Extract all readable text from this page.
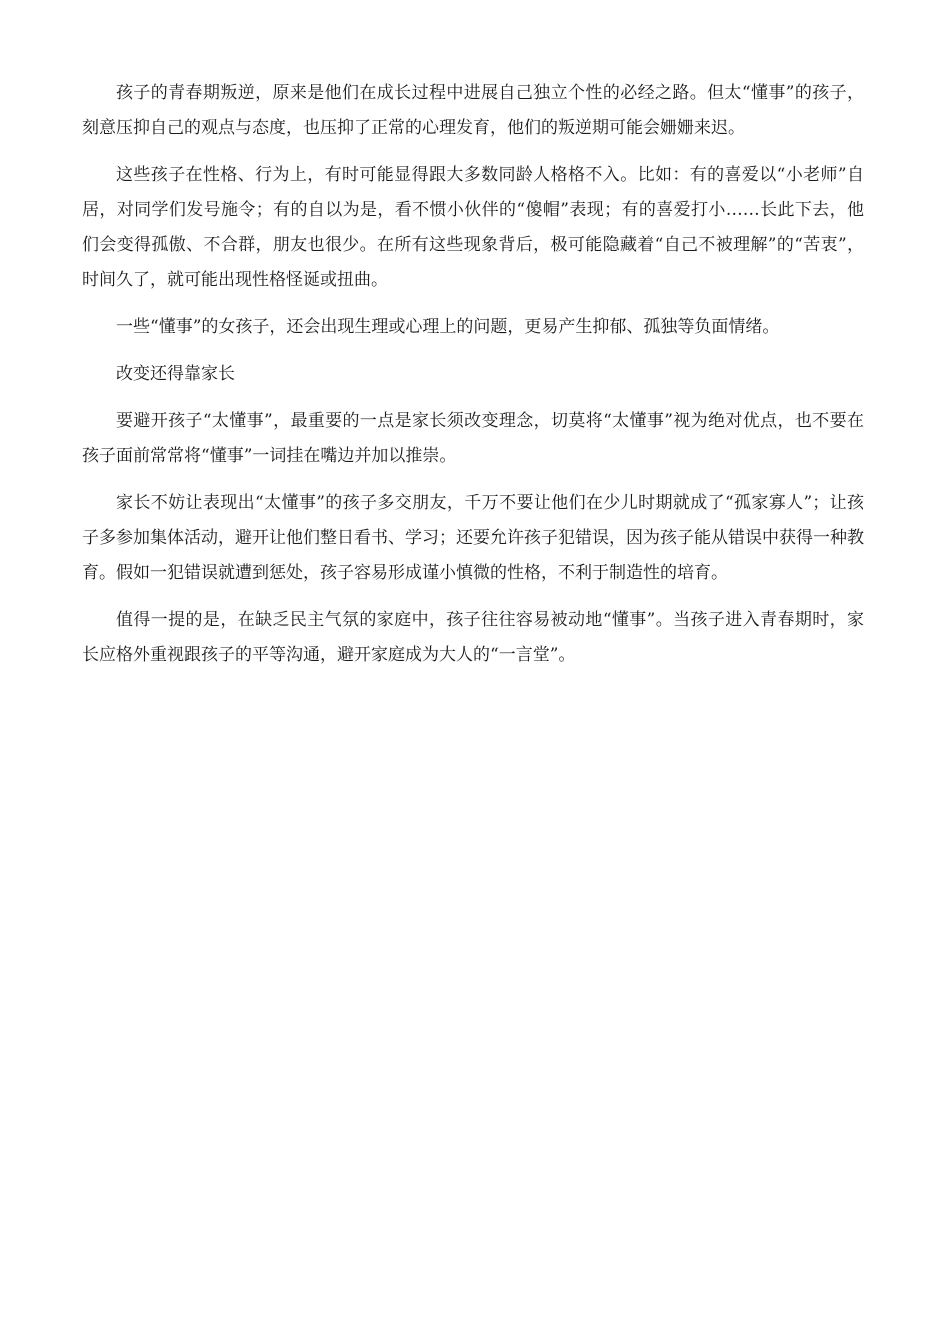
孩子的青春期叛逆，原来是他们在成长过程中进展自己独立个性的必经之路。但太“懂事”的孩子，刻意压抑自己的观点与态度，也压抑了正常的心理发育，他们的叛逆期可能会姗姗来迟。

这些孩子在性格、行为上，有时可能显得跟大多数同龄人格格不入。比如：有的喜爱以“小老师”自居，对同学们发号施令；有的自以为是，看不惯小伙伴的“傻帽”表现；有的喜爱打小……长此下去，他们会变得孤傲、不合群，朋友也很少。在所有这些现象背后，极可能隐藏着“自己不被理解”的“苦衷”，时间久了，就可能出现性格怪诞或扭曲。

一些“懂事”的女孩子，还会出现生理或心理上的问题，更易产生抑郁、孤独等负面情绪。

改变还得靠家长

要避开孩子“太懂事”，最重要的一点是家长须改变理念，切莫将“太懂事”视为绝对优点，也不要在孩子面前常常将“懂事”一词挂在嘴边并加以推崇。

家长不妨让表现出“太懂事”的孩子多交朋友，千万不要让他们在少儿时期就成了“孤家寡人”；让孩子多参加集体活动，避开让他们整日看书、学习；还要允许孩子犯错误，因为孩子能从错误中获得一种教育。假如一犯错误就遭到惩处，孩子容易形成谨小慎微的性格，不利于制造性的培育。

值得一提的是，在缺乏民主气氛的家庭中，孩子往往容易被动地“懂事”。当孩子进入青春期时，家长应格外重视跟孩子的平等沟通，避开家庭成为大人的“一言堂”。
